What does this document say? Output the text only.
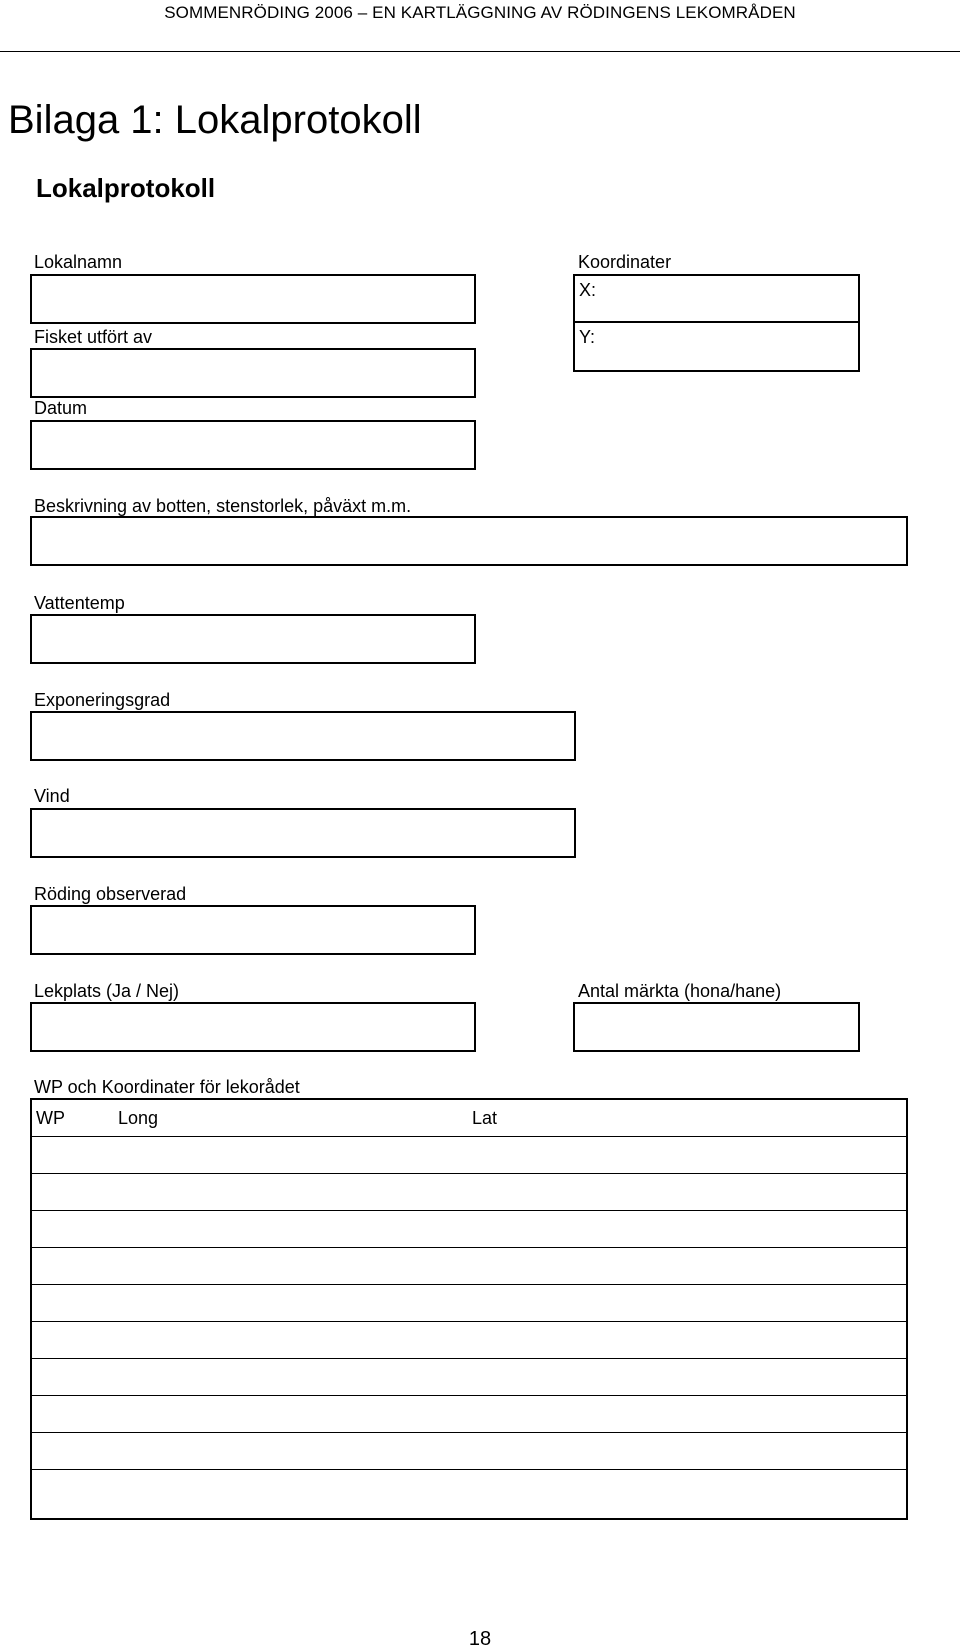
SOMMENRÖDING 2006 – EN KARTLÄGGNING AV RÖDINGENS LEKOMRÅDEN
Bilaga 1: Lokalprotokoll
Lokalprotokoll
Lokalnamn	Koordinater
X:
Y:
Fisket utfört av
Datum
Beskrivning av botten, stenstorlek, påväxt m.m.
Vattentemp
Exponeringsgrad
Vind
Röding observerad
Lekplats (Ja / Nej)	Antal märkta (hona/hane)
WP och Koordinater för lekorådet
WP	Long	Lat

18
